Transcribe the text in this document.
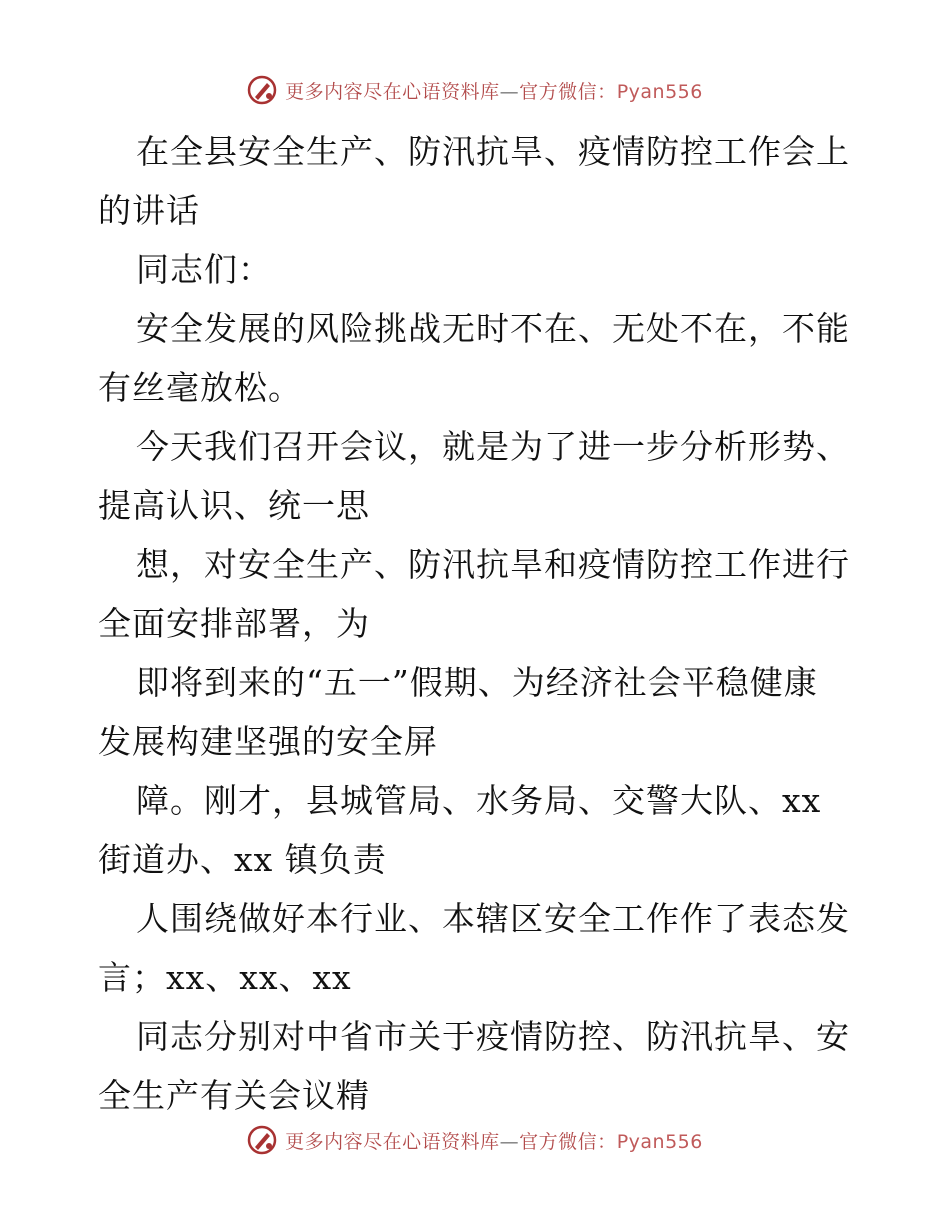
更多内容尽在心语资料库—官方微信：Pyan556
在全县安全生产、防汛抗旱、疫情防控工作会上
的讲话
同志们：
安全发展的风险挑战无时不在、无处不在，不能
有丝毫放松。
今天我们召开会议，就是为了进一步分析形势、
提高认识、统一思
想，对安全生产、防汛抗旱和疫情防控工作进行
全面安排部署，为
即将到来的“五一”假期、为经济社会平稳健康
发展构建坚强的安全屏
障。刚才，县城管局、水务局、交警大队、xx
街道办、xx 镇负责
人围绕做好本行业、本辖区安全工作作了表态发
言；xx、xx、xx
同志分别对中省市关于疫情防控、防汛抗旱、安
全生产有关会议精
更多内容尽在心语资料库—官方微信：Pyan556
